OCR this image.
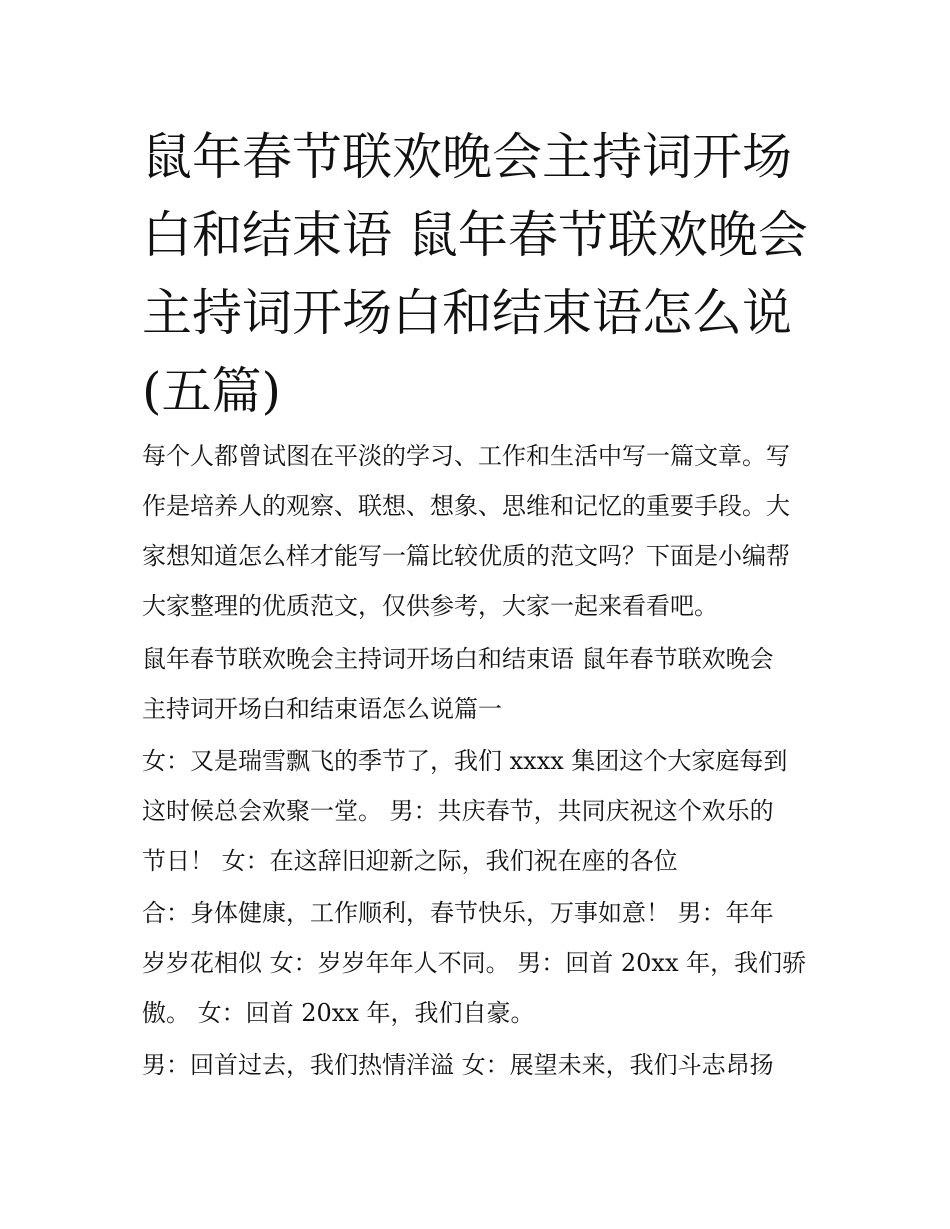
鼠年春节联欢晚会主持词开场
白和结束语 鼠年春节联欢晚会
主持词开场白和结束语怎么说
(五篇)

每个人都曾试图在平淡的学习、工作和生活中写一篇文章。写
作是培养人的观察、联想、想象、思维和记忆的重要手段。大
家想知道怎么样才能写一篇比较优质的范文吗？下面是小编帮
大家整理的优质范文，仅供参考，大家一起来看看吧。

鼠年春节联欢晚会主持词开场白和结束语 鼠年春节联欢晚会
主持词开场白和结束语怎么说篇一

女：又是瑞雪飘飞的季节了，我们 xxxx 集团这个大家庭每到
这时候总会欢聚一堂。 男：共庆春节，共同庆祝这个欢乐的
节日！ 女：在这辞旧迎新之际，我们祝在座的各位

合：身体健康，工作顺利，春节快乐，万事如意！ 男：年年
岁岁花相似 女：岁岁年年人不同。 男：回首 20xx 年，我们骄
傲。 女：回首 20xx 年，我们自豪。

男：回首过去，我们热情洋溢 女：展望未来，我们斗志昂扬
